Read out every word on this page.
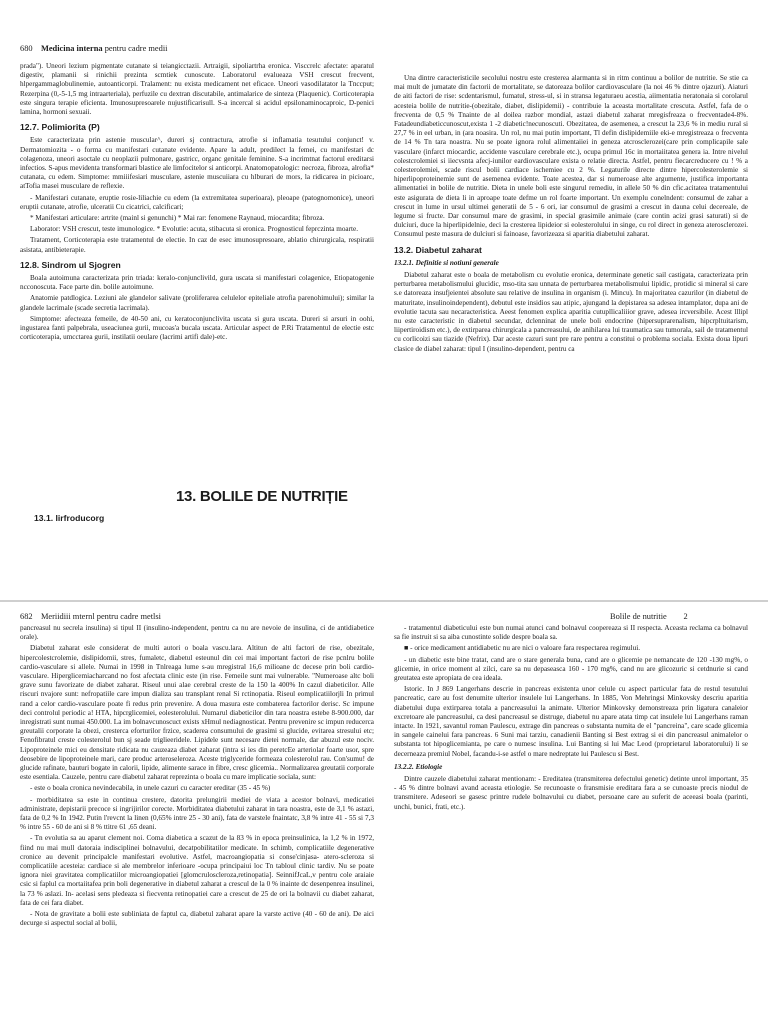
680 Medicina interna pentru cadre medii

prada"). Uneori lezium pigmentate cutanate si teiangicctazii. Artraigii, sipoliartrha eronica. Visccrelc afectate: aparatul digestiv, plamanii si rinichii prezinta scmtiek cunoscute. Laboratorul evalueaza VSH crescut frecvent, hlpergammaglobulinemie, autoanticorpi. Tralament: nu exista medicament net eficace. Uneori vasodilatator la Tnccput; Rezerpina (0,-5-1,5 mg intraarteriala), perfuzile cu dextran discutabile, antimalarice de sinteza (Plaquenic). Corticoterapia este singura terapie eficienta. Imunosupresoarele nujustificarisull. S-a incercal si acidul epsilonaminocaproic, D-penici lamina, hormoni sexuaii.

12.7. Polimiorita (P)

Este caracterizata prin astenie muscular^, dureri sj contractura, atrofie si inflamatia tesutului conjunct! v. Dermatomiozita - o forma cu manifestari cutanate evidente. Apare la adult, predilect la femei, cu manifestari dc colagenoza, uneori asoctale cu neoplazii pulmonare, gastricc, organc genitale feminine. S-a incrimtnat factorul ereditarsi infectios. S-apus mevidenta transformari blastice ale limfocitelor si anticorpi. Anatomopatologic: necroza, fibroza, alrofia* cutanata, cu edem. Simptome: mmiiifesiari musculare, astenie muscuiiara cu hlburari de mors, la ridicarea in picioarc, atTofia masei musculare de reflexie.

- Manifestari cutanate, eruptie rosie-liliachie cu edem (la extremitatea superioara), pleoape (patognomonice), uneori eruptii cutanate, atrofie, ulceratii Cu cicatrici, calcificari;

* Manifestari articulare: artrite (mainl si genunchi) * Mai rar: fenomene Raynaud, miocardita; fibroza.

Laborator: VSH crescut, teste imunologice. * Evolutie: acuta, stibacuta si eronica. Prognosticul feprczinta moarte.

Tratament, Corticoterapia este tratamentul de electie. In caz de esec imunosupresoare, ablatio chirurgicala, respiratii asistata, antibieterapie.

12.8. Sindrom ul Sjogren

Boala autoimuna caracterizata prin triada: keralo-conjunclivild, gura uscata si manifestari colagenice, Etiopatogenie ncconoscuta. Face parte din. bolile autoimune.

Anatomie patdlogica. Leziuni ale glandelor salivate (proliferarea celulelor epiteliale atrofia parenohimului); similar la glandele lacrimale (scade secretia lacrimala).

Simptome: afecteaza femeile, de 40-50 ani, cu keratoconjunclivita uscata si gura uscata. Dureri si arsuri in oohi, ingustarea fanti palpebrala, useaciunea gurii, mucoas'a bucala uscata. Articular aspect de P.Ri Tratamentul de electie estc corticoterapia, umcctarea gurii, instilatii oeulare (lacrimi artifi dale)-etc.

13. BOLILE DE NUTRIȚIE
13.1. Iirfroducorg

Una dintre caracteristicile secolului nostru este cresterea alarmanta si in ritm continuu a bolilor de nutritie. Se stie ca mai mult de jumatate din factorii de mortalitate, se datoreaza bolilor cardiovasculare (la noi 46 % dintre ojazuri). Aiaturi de aiti factori de rise: scdentarismul, fumatul, stress-ul, si in stransa legaturaeu acestia, aiimentatia neratonaia si corolarul acesteia bolile de nutritie-(obezitale, diabet, dislipidemii) - contribuie la aceasta mortalitate crescuta. Astfel, fafa de o frecventa de 0,5 % Tnainte de al doilea razbor mondial, astazi diabetul zaharat mregisfreaza o frecventade4-8%. Fatadeundiabeticcunoscut,exista 1 -2 diabetic!necunoscuti. Obezitatea, de asemenea, a crescut la 23,6 % in mediu rural si 27,7 % in eel urban, in (ara noasira. Un rol, nu mai putin important, Tl defin dislipidemiile eki-e mregistreaza o frecventa de 14 % Tn tara noastra. Nu se poate ignora rolul alimentaiiei in geneza atcrosclerozei(care prin complicapile sale vasculare (infarct miocardic, accidente vasculare cerebrale etc.), ocupa primul 16c in mortaiitatea genera ia. Intre nivelul colestcrolemiei si iiecvsnta afecj-iunilor eardiovasculare exista o relatie directa. Astfel, pentru fiecarcreducere cu ! % a colesterolemiei, scade riscul bolii cardiace ischemiee cu 2 %. Legaturile directe dintre hipercolesterolemie si hiperlipoproteinemie sunt de asemenea evidente. Toate acestea, dar si numeroase alte argumente, justifica importanta alimentatiei in bolile de nutritie. Dieta in unele boli este singurul remediu, in allele 50 % din cfic.acitatea tratamentului este asigurata de dieta li in aproape toate defme un rol foarte important. Un exemplu conelndent: consumul de zahar a crescut in lume in ursul ultimei generatii de 5 - 6 ori, iar consumul de grasimi a crescut in dauna celui decereale, de legume si fructe. Dar consumul mare de grasimi, in special grasimile animaie (care contin acizi grasi saturati) si de dulciuri, duce la hiperlipidelnie, deci la cresterea lipideior si eolesterolului in singe, cu rol direct in geneza aterosclerozei. Consumul peste masura de dulciuri si fainoase, favorizeaza si aparitia diabetului zaharat.

13.2. Diabetul zaharat
13.2.1. Definitie si notiuni generale

Diabetul zaharat este o boala de metabolism cu evolutie eronica, determinate genetic sail castigata, caracterizata prin perturbarea metabolismului glucidic, mso-tita sau unnata de perturbarea metabolismului lipidic, protidic si mineral si care s.e datoreaza insufjeientei absolute sau relative de insulina in organism (i. Mincu). In majoritatea cazurilor (in diabetul de maturitate, insulinoindependent), debutul este insidios sau atipic, ajungand la depistarea sa adesea intamplator, dupa ani de evolutie tacuta sau necaracteristica. Aeest fenomen explica aparitia cutupllicaliiior grave, adesea ircversibile. Acest lllipl nu este caracteristic in diabetul secundar, dclenninat de unele boli endocrine (hipersuprarenalism, hipcrpltuitarism, liipertiroidism etc.), de extirparea chirurgicala a pancreasului, de anihilarea lui traumatica sau tumorala, sail de tratamentul cu corlicoizi sau tiazide (Nefrix). Dar aceste cazuri sunt pre rare pentru a constitui o problema sociala. Exista doua lipuri clasice de diabel zaharat: tipul I (insulino-dependent, pentru ca

682 Meriidiii mternl pentru cadre metlsi	Bolile de nutritie 2

pancreasul nu secrela insulina) si tipul II (insulino-independent, pentru ca nu are nevoie de insulina, ci de antidiabetice orale).

Diabetul zaharat esle considerat de multi autori o boala vascu.lara. Altitun de alti factori de rise, obezitale, hipercolestcrolemie, dislipidomii, stres, fumaletc, diabetul esteunul din cei mai important factori de rise pcnlru bolile cardio-vasculare si allele. Numai in 1998 in Tnlreaga lume s-au mregistral 16,6 milioane dc decese prin boli cardio-vasculare. Hiperglicemiacharcand no fost afectata clinic este (in rise. Femeile sunt mai vulnerable. "Numeroase altc boli grave sunu favorizate de diabet zaharat. Riseul unui alae cerebral creste de la 150 la 400% In cazul diabeticilor. Alle riscuri nvajore sunt: nefropatiile care impun dializa sau transplant renal Si rctinopatia. Riseul eomplicatiilorjli In primul rand a celor cardio-vasculare poate fi redus prin prevenire. A doua masura este combaterea factorilor derisc. Sc impune deci controlul periodic a! HTA, hipcrglicemiei, eolesterolului. Numarul diabeticilor din tara noastra estebe 8-900.000, dar inregistrati sunt numai 450.000. La im bolnavcunoscuct exists xHmul nediagnosticat. Pentru prevenire sc impun reducerca greutalii corporate la obezi, cresterca eforturilor frzice, scaderea consumului de grasimi si glucide, evitarea stresului etc; Fenofibratul creste colesterolul bun sj seade triglieeridele. Lipidele sunt necesare dietei normale, dar abuzul este nociv. Lipoproteinele mici eu densitate ridicata nu cauzeaza diabet zaharat (intra si ies din peretcEe arteriolar foarte usor, spre deosebire de lipoproteinele mari, care produc arteroseleroza. Aceste triglyceride formeaza colesterolul rau. Con'sumu! de glucide rafinate, bauturi bogate in calorii, lipide, alimente sarace in fibre, cresc glicemia.. Normalizarea greutatii corporale este esentiala. Cauzele, pentru care diabetul zaharat reprezinta o boala cu mare implicatie sociala, sunt:

- este o boala cronica nevindecabila, in unele cazuri cu caracter ereditar (35 - 45 %)

- morbiditatea sa este in continua crestere, datorita prelungirii mediei de viata a acestor bolnavi, medicatiei administrate, depistarii precoce si ingrijirilor corecte. Morbiditatea diabetului zaharat in tara noastra, este de 3,1 % astazi, fata de 0,2 % In 1942. Putin l'revcnt la linen (0,65% intre 25 - 30 ani), fata de varstele fnaintatc, 3,8 % intre 41 - 55 si 7,3 % intre 55 - 60 de ani si 8 % ttitre 61 ,65 deani.

- Tn evolutia sa au aparut clement noi. Coma diabetica a scazut de la 83 % in epoca preinsulinica, la 1,2 % in 1972, fiind nu mai mull datoraia indisciplinei bolnavului, decatpobilitatilor medicate. In schimb, complicatiile degenerative cronice au devenit principalcle manifestari evolutive. Astfel, macroangiopatia si conse'cinjasa- atero-scleroza si complicatiile acesteia: cardiace si ale membrelor inferioare -ocupa principaiui loc Tn tabloul clinic tardiv. Nu se poate ignora niei gravitatea complicatiilor microangiopatiei [glomcruloscleroza,retinopatia]. SeinnifJcaL,v pentru cole araiaie csic si faplul ca mortaiitafea prin boli degenerative in diabetul zaharat a crescul de la 0 % inainte dc desenpenrea insulinei, la 73 % aslazi. In- acelasi sens pledeaza si fiecventa retinopatiei care a crescut de 25 de ori la bolnavii cu diabet zaharat, fata de cei fara diabet.

- Nota de gravitate a bolii este subliniata de faptul ca, diabetul zaharat apare la varste active (40 - 60 de ani). De aici decurge si aspectul social al bolii,

- tratamentul diabeticului este bun numai atunci cand bolnavul coopereaza si II respecta. Aceasta reclama ca bolnavul sa fie instruit si sa aiba cunostinte solide despre boala sa.

■ - orice medicament antidiabetic nu are nici o valoare fara respectarea regimului.

- un diabetic este bine tratat, cand are o stare generala buna, cand are o glicemie pe nemancate de 120 -130 mg%, o glicemie, in orice moment al zilci, care sa nu depaseasca 160 - 170 mg%, cand nu are glicozuric si cetdnurie si cand greutatea este apropiata de cea ideala.

Istoric. In J 869 Langerhans descrie in pancreas existenta unor celule cu aspect particular fata de restul tesutului pancreatic, care au fost denumite ulterior insulele lui Langerhans. In 1885, Von Mehringsi Minkovsky descriu aparitia diabetului dupa extirparea totala a pancreasului la animate. Ulterior Minkovsky demonstreaza prin ligatura canaleior excretoare ale pancreasului, ca desi pancreasul se distruge, diabetul nu apare atata timp cat insulele lui Langerhans raman intacte. In 1921, savantul roman Paulescu, extrage din pancreas o substanta numita de el "pancreina", care scade glicemia in sangele cainelui fara pancreas. 6 Suni mai tarziu, canadienii Banting si Best extrag si ei din pancreasul animalelor o substanta tot hipoglicemianta, pe care o numesc insulina. Lui Banting si lui Mac Leod (proprietarul laboratorului) li se decerneaza premiul Nobel, facandu-i-se astfel o mare nedreptate lui Paulescu si Best.

13.2.2. Etiologie

Dintre cauzele diabetului zaharat mentionam: - Ereditatea (transmiterea defectului genetic) detinte unrol important, 35 - 45 % dintre bolnavi avand aceasta etiologie. Se recunoaste o fransmisie ereditara fara a se cunoaste precis niodul de transmitere. Adeseori se gasesc printre rudele bolnavului cu diabet, persoane care au suferit de aceeasi boala (parinti, unchi, bunici, frati, etc.).
